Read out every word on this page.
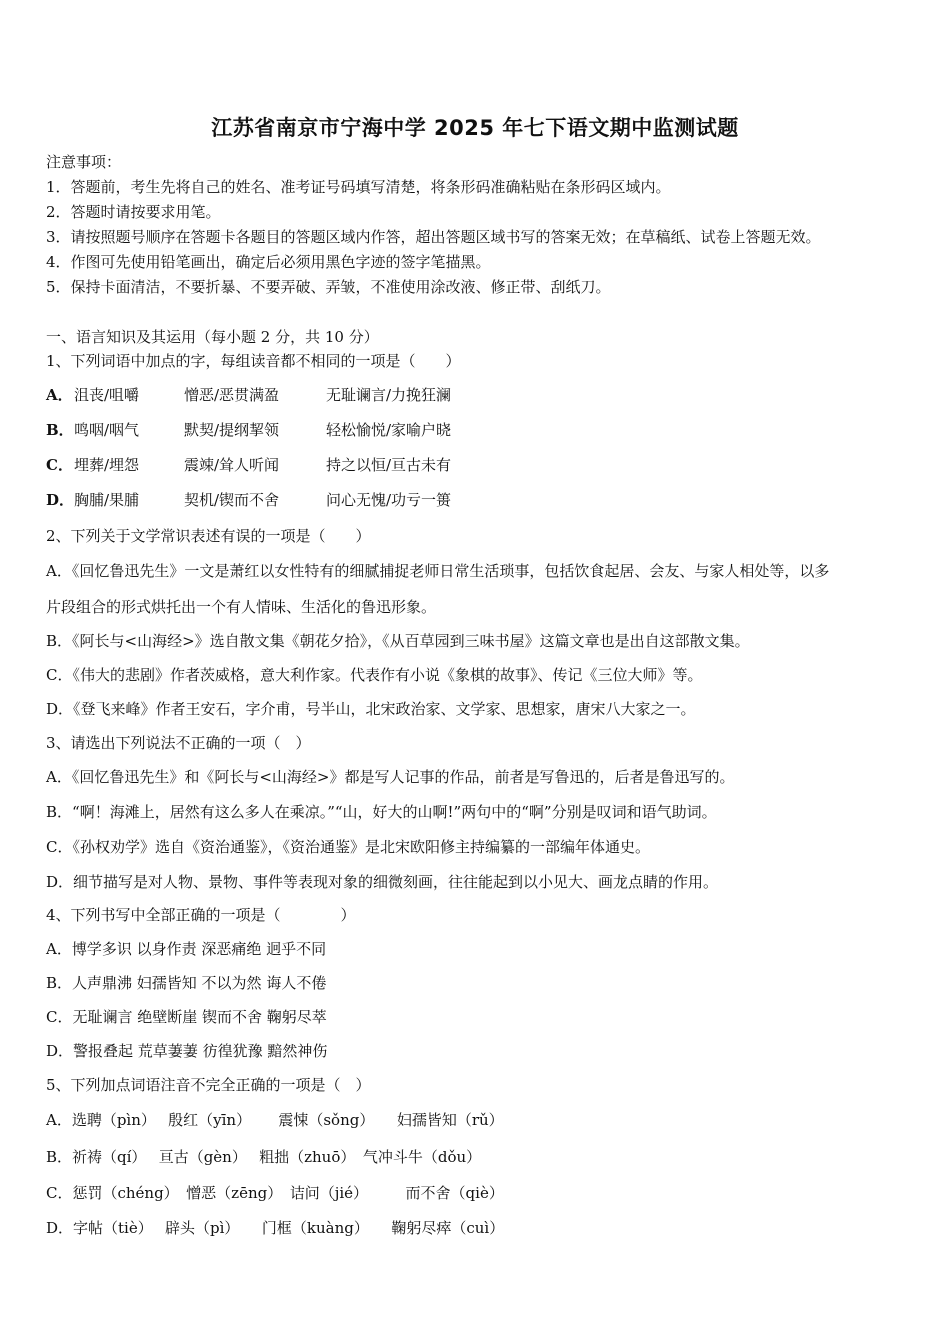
江苏省南京市宁海中学 2025 年七下语文期中监测试题
注意事项：
1．答题前，考生先将自己的姓名、准考证号码填写清楚，将条形码准确粘贴在条形码区域内。
2．答题时请按要求用笔。
3．请按照题号顺序在答题卡各题目的答题区域内作答，超出答题区域书写的答案无效；在草稿纸、试卷上答题无效。
4．作图可先使用铅笔画出，确定后必须用黑色字迹的签字笔描黑。
5．保持卡面清洁，不要折暴、不要弄破、弄皱，不准使用涂改液、修正带、刮纸刀。
一、语言知识及其运用（每小题 2 分，共 10 分）
1、下列词语中加点的字，每组读音都不相同的一项是（　　）
A．沮丧/咀嚼	憎恶/恶贯满盈	无耻谰言/力挽狂澜
B．鸣咽/咽气	默契/提纲挈领	轻松愉悦/家喻户晓
C．埋葬/埋怨	震竦/耸人听闻	持之以恒/亘古未有
D．胸脯/果脯	契机/锲而不舍	问心无愧/功亏一篑
2、下列关于文学常识表述有误的一项是（　　）
A．《回忆鲁迅先生》一文是萧红以女性特有的细腻捕捉老师日常生活琐事，包括饮食起居、会友、与家人相处等，以多
片段组合的形式烘托出一个有人情味、生活化的鲁迅形象。
B．《阿长与<山海经>》选自散文集《朝花夕拾》，《从百草园到三味书屋》这篇文章也是出自这部散文集。
C．《伟大的悲剧》作者茨威格，意大利作家。代表作有小说《象棋的故事》、传记《三位大师》等。
D．《登飞来峰》作者王安石，字介甫，号半山，北宋政治家、文学家、思想家，唐宋八大家之一。
3、请选出下列说法不正确的一项（　）
A．《回忆鲁迅先生》和《阿长与<山海经>》都是写人记事的作品，前者是写鲁迅的，后者是鲁迅写的。
B．“啊！海滩上，居然有这么多人在乘凉。”“山，好大的山啊!”两句中的“啊”分别是叹词和语气助词。
C．《孙权劝学》选自《资治通鉴》，《资治通鉴》是北宋欧阳修主持编纂的一部编年体通史。
D．细节描写是对人物、景物、事件等表现对象的细微刻画，往往能起到以小见大、画龙点睛的作用。
4、下列书写中全部正确的一项是（　　　　）
A．博学多识 以身作责 深恶痛绝 迥乎不同
B．人声鼎沸 妇孺皆知 不以为然 诲人不倦
C．无耻谰言 绝壁断崖 锲而不舍 鞠躬尽萃
D．警报叠起 荒草萋萋 彷徨犹豫 黯然神伤
5、下列加点词语注音不完全正确的一项是（　）
A．选聘（pìn）　 殷红（yīn）　　 震悚（sǒng）　　妇孺皆知（rǔ）
B．祈祷（qí）　 亘古（gèn）　 粗拙（zhuō）　气冲斗牛（dǒu）
C．惩罚（chéng）　憎恶（zēng）　诘问（jié）　　　而不舍（qiè）
D．字帖（tiè）　 辟头（pì）　　门框（kuàng）　　鞠躬尽瘁（cuì）
